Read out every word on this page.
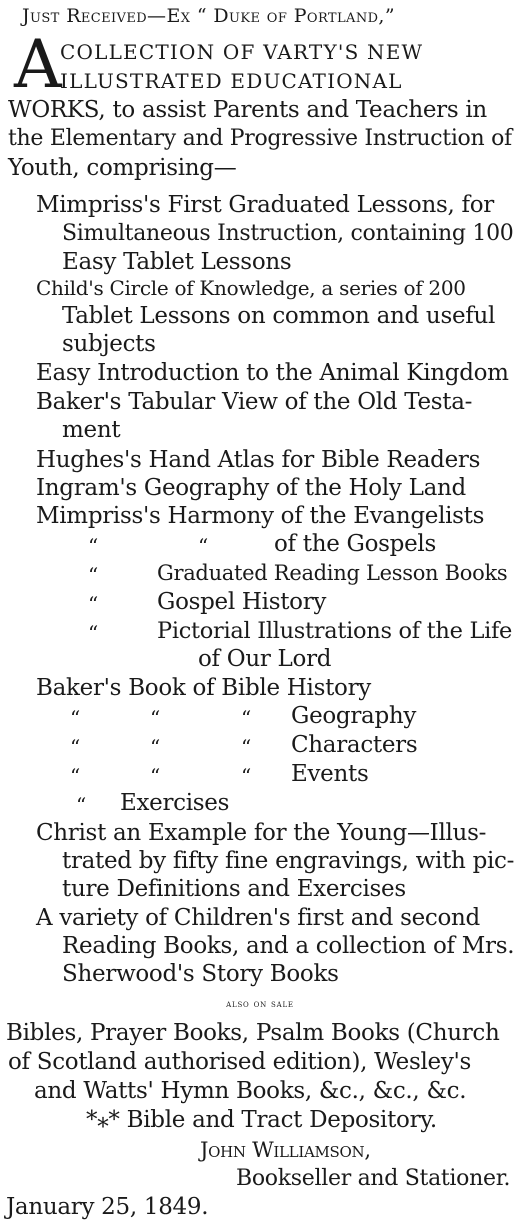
Just Received—Ex “ Duke of Portland,”
A
COLLECTION OF VARTY'S NEW
ILLUSTRATED EDUCATIONAL
WORKS, to assist Parents and Teachers in
the Elementary and Progressive Instruction of
Youth, comprising—
Mimpriss's First Graduated Lessons, for
Simultaneous Instruction, containing 100
Easy Tablet Lessons
Child's Circle of Knowledge, a series of 200
Tablet Lessons on common and useful
subjects
Easy Introduction to the Animal Kingdom
Baker's Tabular View of the Old Testa-
ment
Hughes's Hand Atlas for Bible Readers
Ingram's Geography of the Holy Land
Mimpriss's Harmony of the Evangelists
“	“	of the Gospels
“	Graduated Reading Lesson Books
“	Gospel History
“	Pictorial Illustrations of the Life
of Our Lord
Baker's Book of Bible History
“	“	“ Geography
“	“	“ Characters
“	“	“ Events
“ Exercises
Christ an Example for the Young—Illus-
trated by fifty fine engravings, with pic-
ture Definitions and Exercises
A variety of Children's first and second
Reading Books, and a collection of Mrs.
Sherwood's Story Books
also on sale
Bibles, Prayer Books, Psalm Books (Church
of Scotland authorised edition), Wesley's
and Watts' Hymn Books, &c., &c., &c.
*⁎* Bible and Tract Depository.
John Williamson,
Bookseller and Stationer.
January 25, 1849.
